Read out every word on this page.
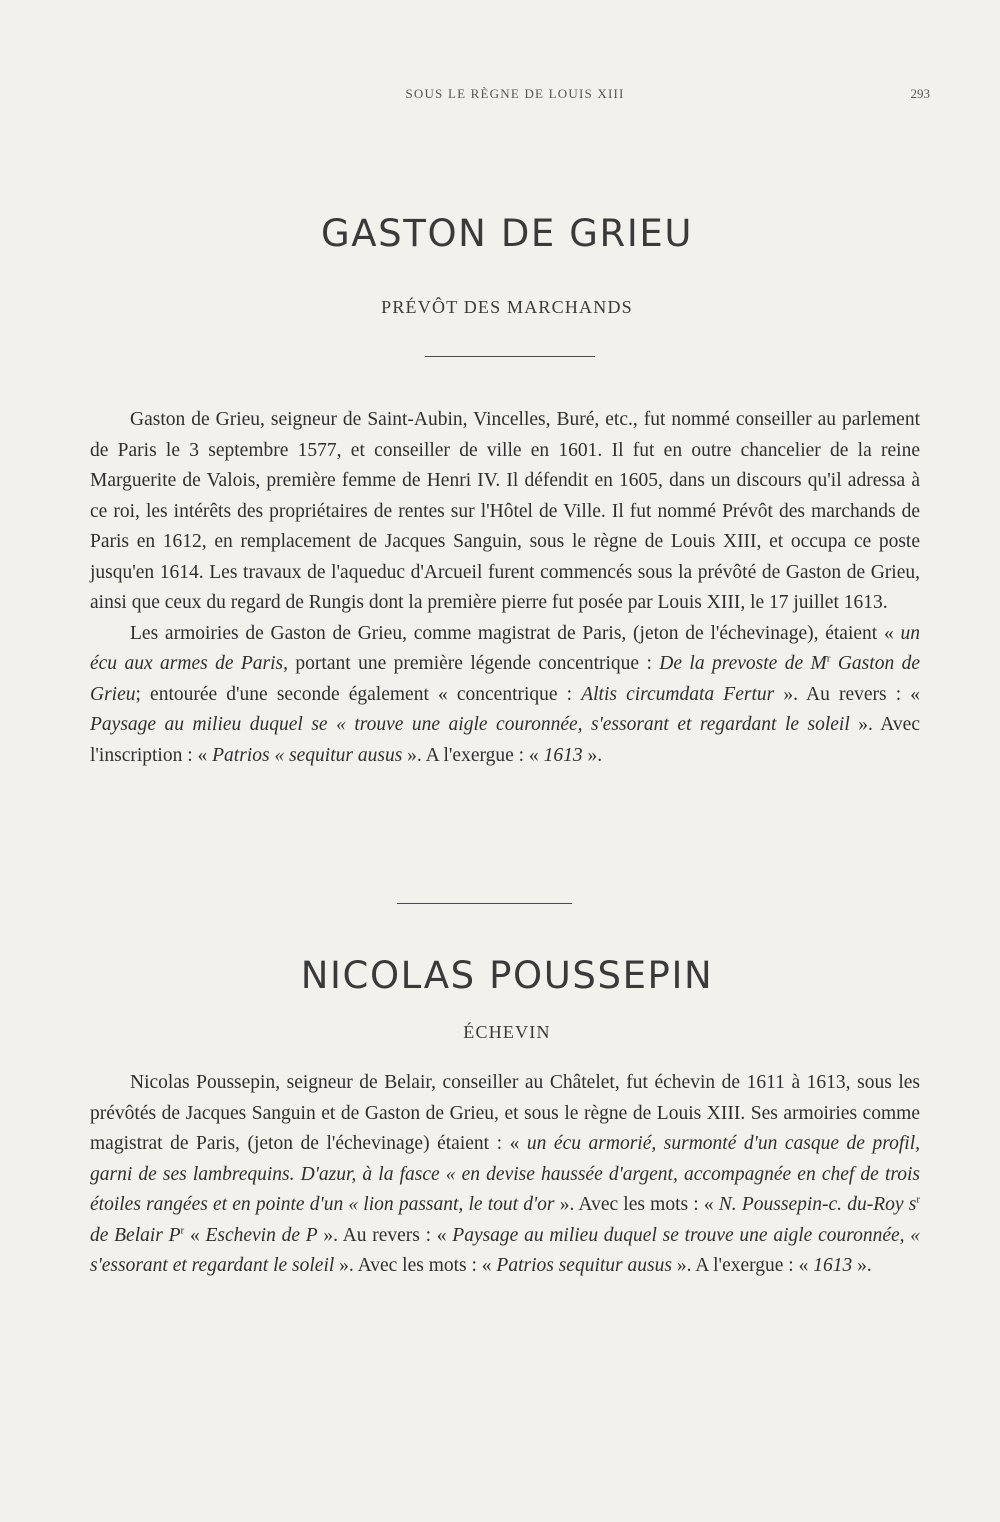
SOUS LE RÈGNE DE LOUIS XIII	293
GASTON DE GRIEU
PRÉVÔT DES MARCHANDS

Gaston de Grieu, seigneur de Saint-Aubin, Vincelles, Buré, etc., fut nommé conseiller au parlement de Paris le 3 septembre 1577, et conseiller de ville en 1601. Il fut en outre chancelier de la reine Marguerite de Valois, première femme de Henri IV. Il défendit en 1605, dans un discours qu'il adressa à ce roi, les intérêts des propriétaires de rentes sur l'Hôtel de Ville. Il fut nommé Prévôt des marchands de Paris en 1612, en remplacement de Jacques Sanguin, sous le règne de Louis XIII, et occupa ce poste jusqu'en 1614. Les travaux de l'aqueduc d'Arcueil furent commencés sous la prévôté de Gaston de Grieu, ainsi que ceux du regard de Rungis dont la première pierre fut posée par Louis XIII, le 17 juillet 1613.

Les armoiries de Gaston de Grieu, comme magistrat de Paris, (jeton de l'échevinage), étaient « un écu aux armes de Paris, portant une première légende concentrique : De la prevoste de $M^r$ Gaston de Grieu; entourée d'une seconde également « concentrique : Altis circumdata Fertur ». Au revers : « Paysage au milieu duquel se « trouve une aigle couronnée, s'essorant et regardant le soleil ». Avec l'inscription : « Patrios « sequitur ausus ». A l'exergue : « 1613 ».

NICOLAS POUSSEPIN
ÉCHEVIN

Nicolas Poussepin, seigneur de Belair, conseiller au Châtelet, fut échevin de 1611 à 1613, sous les prévôtés de Jacques Sanguin et de Gaston de Grieu, et sous le règne de Louis XIII. Ses armoiries comme magistrat de Paris, (jeton de l'échevinage) étaient : « un écu armorié, surmonté d'un casque de profil, garni de ses lambrequins. D'azur, à la fasce « en devise haussée d'argent, accompagnée en chef de trois étoiles rangées et en pointe d'un « lion passant, le tout d'or ». Avec les mots : « N. Poussepin-c. du-Roy $s^r$ de Belair $P^r$ « Eschevin de P ». Au revers : « Paysage au milieu duquel se trouve une aigle couronnée, « s'essorant et regardant le soleil ». Avec les mots : « Patrios sequitur ausus ». A l'exergue : « 1613 ».
